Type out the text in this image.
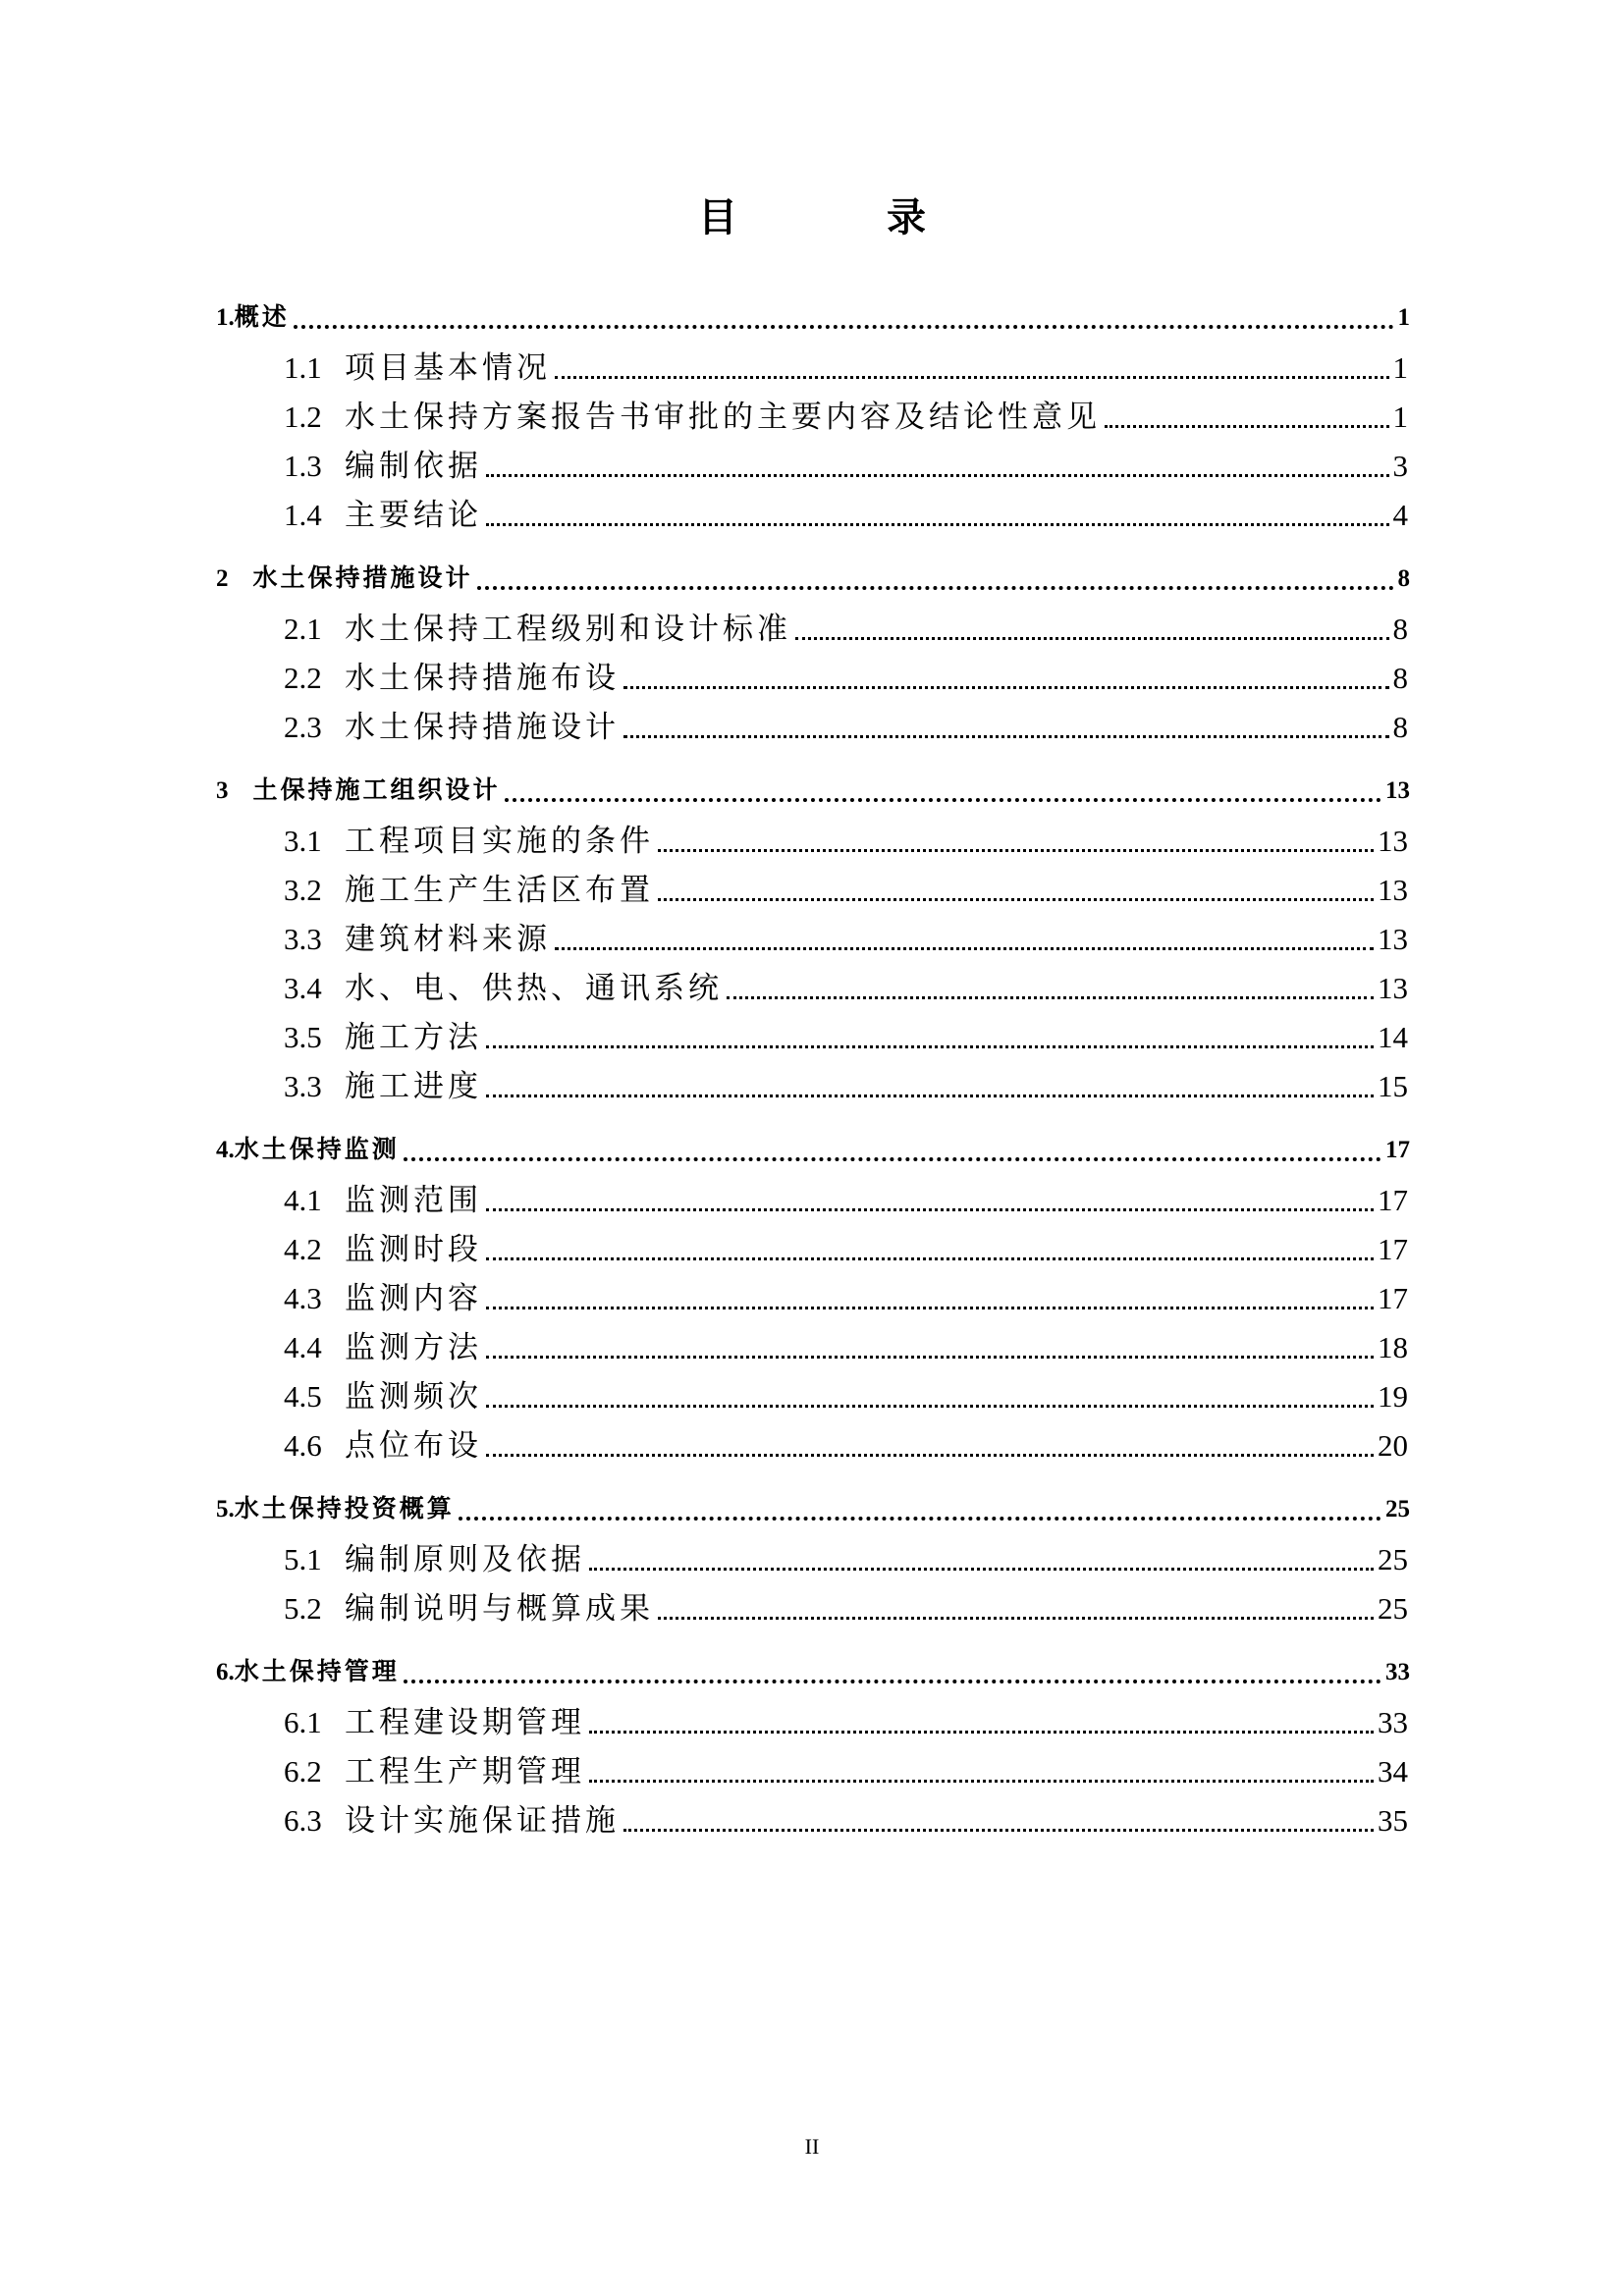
目　录
1. 概述	1
1.1 项目基本情况	1
1.2 水土保持方案报告书审批的主要内容及结论性意见	1
1.3 编制依据	3
1.4 主要结论	4
2　 水土保持措施设计	8
2.1 水土保持工程级别和设计标准	8
2.2 水土保持措施布设	8
2.3 水土保持措施设计	8
3　 土保持施工组织设计	13
3.1 工程项目实施的条件	13
3.2 施工生产生活区布置	13
3.3 建筑材料来源	13
3.4 水、电、供热、通讯系统	13
3.5 施工方法	14
3.3 施工进度	15
4. 水土保持监测	17
4.1 监测范围	17
4.2 监测时段	17
4.3 监测内容	17
4.4 监测方法	18
4.5 监测频次	19
4.6 点位布设	20
5. 水土保持投资概算	25
5.1 编制原则及依据	25
5.2 编制说明与概算成果	25
6. 水土保持管理	33
6.1 工程建设期管理	33
6.2 工程生产期管理	34
6.3 设计实施保证措施	35
II
